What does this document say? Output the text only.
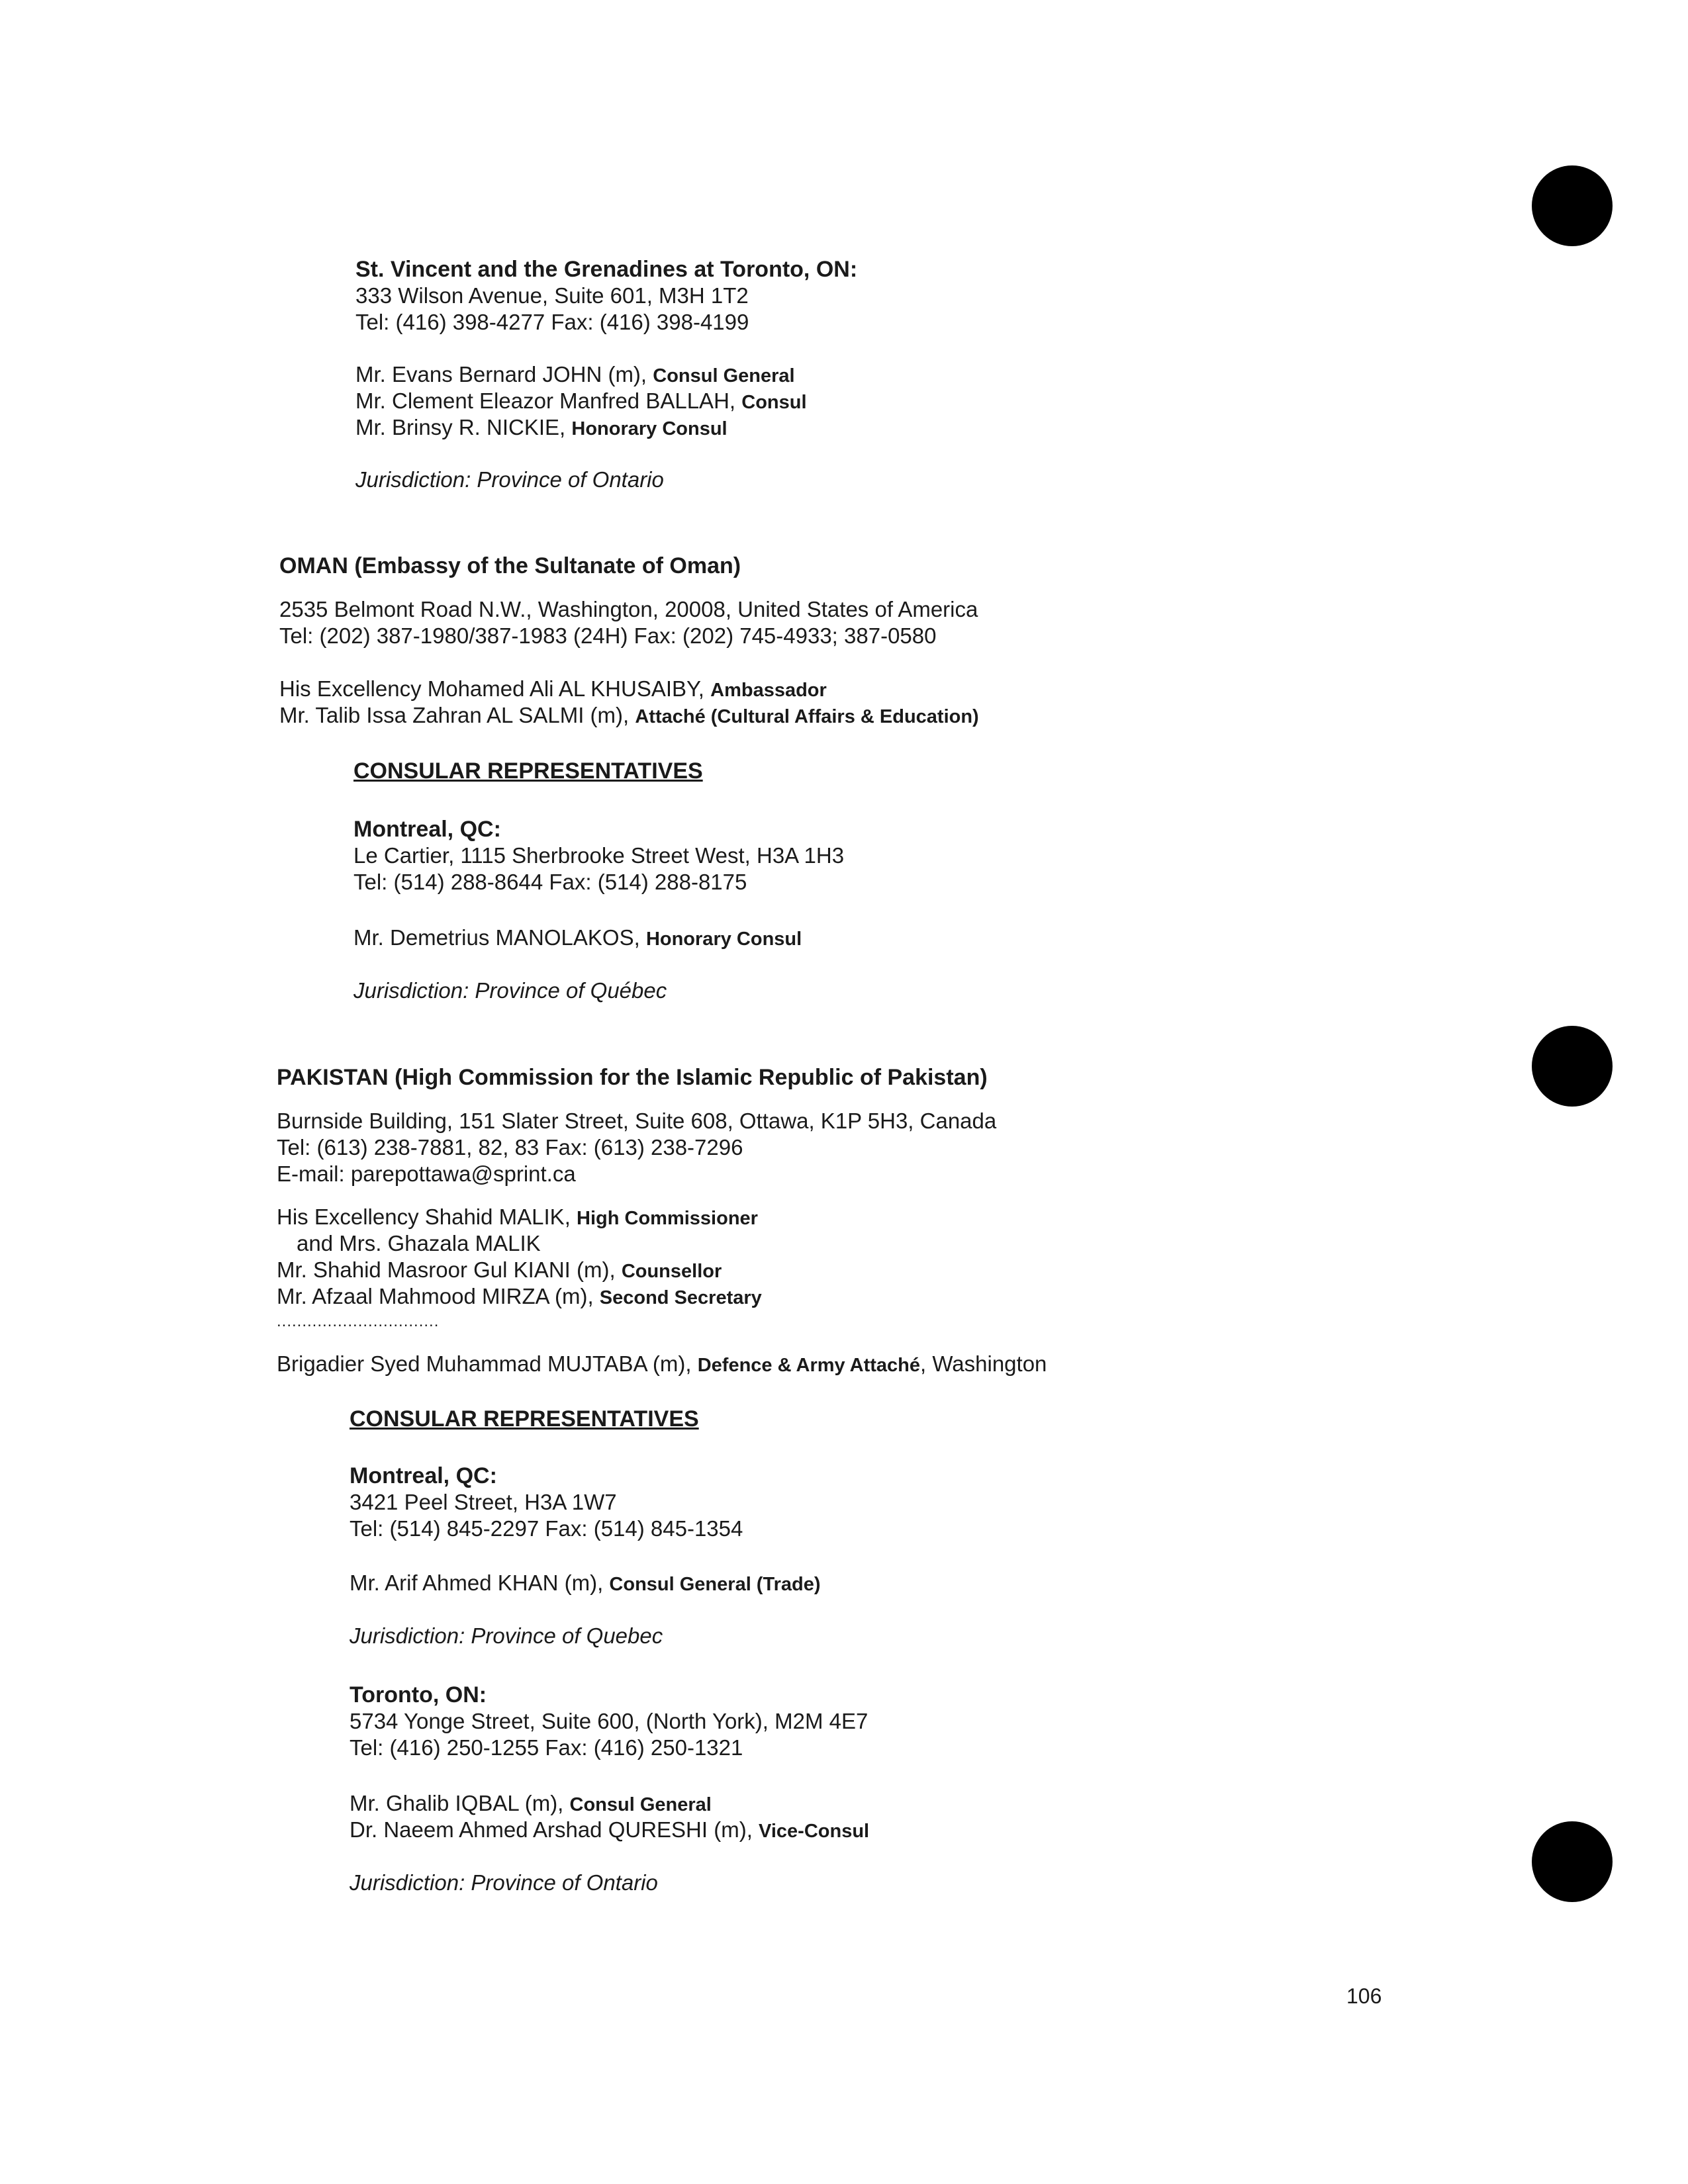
St. Vincent and the Grenadines at Toronto, ON:
333 Wilson Avenue, Suite 601, M3H 1T2
Tel: (416) 398-4277 Fax: (416) 398-4199
Mr. Evans Bernard JOHN (m), Consul General
Mr. Clement Eleazor Manfred BALLAH, Consul
Mr. Brinsy R. NICKIE, Honorary Consul
Jurisdiction: Province of Ontario
OMAN (Embassy of the Sultanate of Oman)
2535 Belmont Road N.W., Washington, 20008, United States of America
Tel: (202) 387-1980/387-1983 (24H) Fax: (202) 745-4933; 387-0580
His Excellency Mohamed Ali AL KHUSAIBY, Ambassador
Mr. Talib Issa Zahran AL SALMI (m), Attaché (Cultural Affairs & Education)
CONSULAR REPRESENTATIVES
Montreal, QC:
Le Cartier, 1115 Sherbrooke Street West, H3A 1H3
Tel: (514) 288-8644 Fax: (514) 288-8175
Mr. Demetrius MANOLAKOS, Honorary Consul
Jurisdiction: Province of Québec
PAKISTAN (High Commission for the Islamic Republic of Pakistan)
Burnside Building, 151 Slater Street, Suite 608, Ottawa, K1P 5H3, Canada
Tel: (613) 238-7881, 82, 83 Fax: (613) 238-7296
E-mail: parepottawa@sprint.ca
His Excellency Shahid MALIK, High Commissioner
and Mrs. Ghazala MALIK
Mr. Shahid Masroor Gul KIANI (m), Counsellor
Mr. Afzaal Mahmood MIRZA (m), Second Secretary
................................
Brigadier Syed Muhammad MUJTABA (m), Defence & Army Attaché, Washington
CONSULAR REPRESENTATIVES
Montreal, QC:
3421 Peel Street, H3A 1W7
Tel: (514) 845-2297 Fax: (514) 845-1354
Mr. Arif Ahmed KHAN (m), Consul General (Trade)
Jurisdiction: Province of Quebec
Toronto, ON:
5734 Yonge Street, Suite 600, (North York), M2M 4E7
Tel: (416) 250-1255 Fax: (416) 250-1321
Mr. Ghalib IQBAL (m), Consul General
Dr. Naeem Ahmed Arshad QURESHI (m), Vice-Consul
Jurisdiction: Province of Ontario
106
